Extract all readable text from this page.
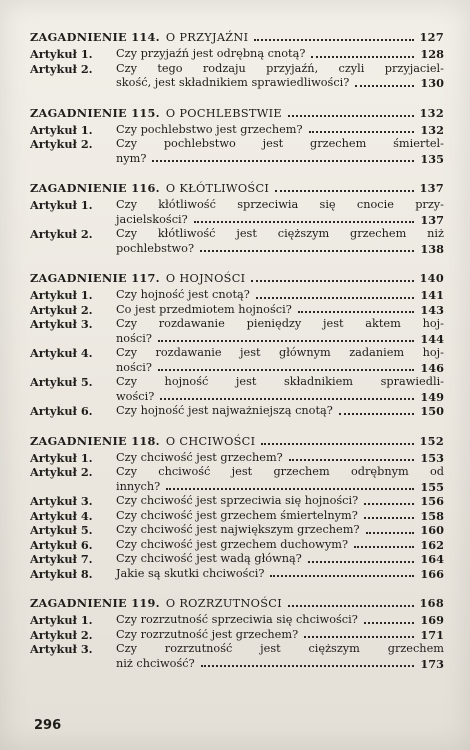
ZAGADNIENIE 114. O PRZYJAŹNI	127
Artykuł 1.	Czy przyjaźń jest odrębną cnotą?	128
Artykuł 2.	Czy tego rodzaju przyjaźń, czyli przyjaciel-
skość, jest składnikiem sprawiedliwości?	130
ZAGADNIENIE 115. O POCHLEBSTWIE	132
Artykuł 1.	Czy pochlebstwo jest grzechem?	132
Artykuł 2.	Czy pochlebstwo jest grzechem śmiertel-
nym?	135
ZAGADNIENIE 116. O KŁÓTLIWOŚCI	137
Artykuł 1.	Czy kłótliwość sprzeciwia się cnocie przy-
jacielskości?	137
Artykuł 2.	Czy kłótliwość jest cięższym grzechem niż
pochlebstwo?	138
ZAGADNIENIE 117. O HOJNOŚCI	140
Artykuł 1.	Czy hojność jest cnotą?	141
Artykuł 2.	Co jest przedmiotem hojności?	143
Artykuł 3.	Czy rozdawanie pieniędzy jest aktem hoj-
ności?	144
Artykuł 4.	Czy rozdawanie jest głównym zadaniem hoj-
ności?	146
Artykuł 5.	Czy hojność jest składnikiem sprawiedli-
wości?	149
Artykuł 6.	Czy hojność jest najważniejszą cnotą?	150
ZAGADNIENIE 118. O CHCIWOŚCI	152
Artykuł 1.	Czy chciwość jest grzechem?	153
Artykuł 2.	Czy chciwość jest grzechem odrębnym od
innych?	155
Artykuł 3.	Czy chciwość jest sprzeciwia się hojności?	156
Artykuł 4.	Czy chciwość jest grzechem śmiertelnym?	158
Artykuł 5.	Czy chciwość jest największym grzechem?	160
Artykuł 6.	Czy chciwość jest grzechem duchowym?	162
Artykuł 7.	Czy chciwość jest wadą główną?	164
Artykuł 8.	Jakie są skutki chciwości?	166
ZAGADNIENIE 119. O ROZRZUTNOŚCI	168
Artykuł 1.	Czy rozrzutność sprzeciwia się chciwości?	169
Artykuł 2.	Czy rozrzutność jest grzechem?	171
Artykuł 3.	Czy rozrzutność jest cięższym grzechem
niż chciwość?	173
296
